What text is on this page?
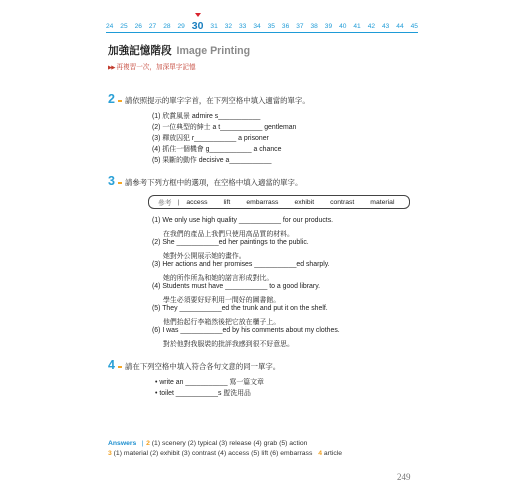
24 25 26 27 28 29 30 31 32 33 34 35 36 37 38 39 40 41 42 43 44 45
加強記憶階段 Image Printing
▶▶ 再複習一次，加深單字記憶
2 請依照提示的單字字首，在下列空格中填入適當的單字。
(1) 欣賞風景 admire s___________
(2) 一位典型的紳士 a t___________ gentleman
(3) 釋放囚犯 r___________ a prisoner
(4) 抓住一個機會 g___________ a chance
(5) 果斷的動作 decisive a___________
3 請參考下列方框中的選項，在空格中填入適當的單字。
參考 | access lift embarrass exhibit contrast material
(1) We only use high quality ___________ for our products.
在我們的產品上我們只使用高品質的材料。
(2) She ___________ed her paintings to the public.
她對外公開展示她的畫作。
(3) Her actions and her promises ___________ed sharply.
她的所作所為和她的諾言形成對比。
(4) Students must have ___________ to a good library.
學生必須要好好利用一間好的圖書館。
(5) They ___________ed the trunk and put it on the shelf.
他們抬起行李箱然後把它放在櫃子上。
(6) I was ___________ed by his comments about my clothes.
對於他對我服裝的批評我感到很不好意思。
4 請在下列空格中填入符合各句文意的同一單字。
• write an ___________ 寫一篇文章
• toilet ___________s 盥洗用品
Answers | 2 (1) scenery (2) typical (3) release (4) grab (5) action
3 (1) material (2) exhibit (3) contrast (4) access (5) lift (6) embarrass 4 article
249
